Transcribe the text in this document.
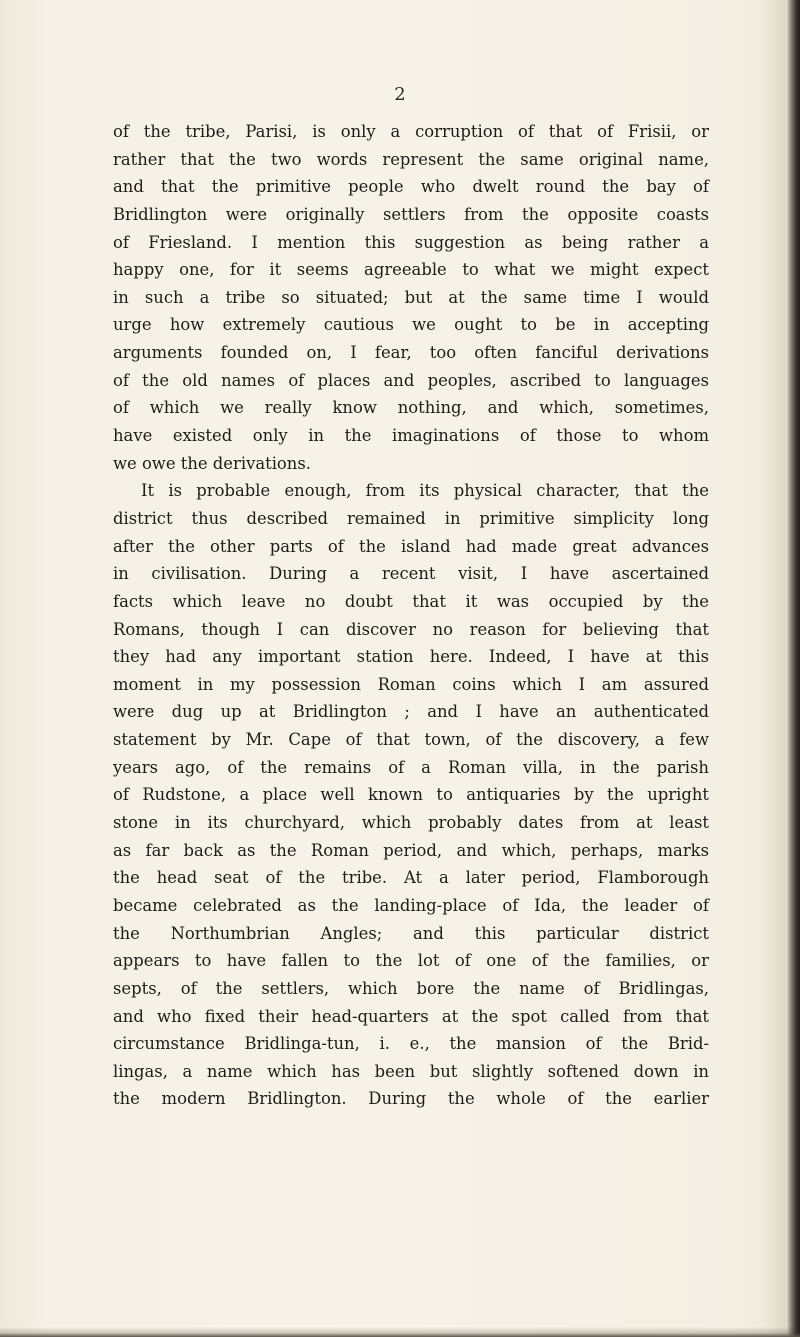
2
of the tribe, Parisi, is only a corruption of that of Frisii, or
rather that the two words represent the same original name,
and that the primitive people who dwelt round the bay of
Bridlington were originally settlers from the opposite coasts
of Friesland. I mention this suggestion as being rather a
happy one, for it seems agreeable to what we might expect
in such a tribe so situated; but at the same time I would
urge how extremely cautious we ought to be in accepting
arguments founded on, I fear, too often fanciful derivations
of the old names of places and peoples, ascribed to languages
of which we really know nothing, and which, sometimes,
have existed only in the imaginations of those to whom
we owe the derivations.
It is probable enough, from its physical character, that the
district thus described remained in primitive simplicity long
after the other parts of the island had made great advances
in civilisation. During a recent visit, I have ascertained
facts which leave no doubt that it was occupied by the
Romans, though I can discover no reason for believing that
they had any important station here. Indeed, I have at this
moment in my possession Roman coins which I am assured
were dug up at Bridlington ; and I have an authenticated
statement by Mr. Cape of that town, of the discovery, a few
years ago, of the remains of a Roman villa, in the parish
of Rudstone, a place well known to antiquaries by the upright
stone in its churchyard, which probably dates from at least
as far back as the Roman period, and which, perhaps, marks
the head seat of the tribe. At a later period, Flamborough
became celebrated as the landing-place of Ida, the leader of
the Northumbrian Angles; and this particular district
appears to have fallen to the lot of one of the families, or
septs, of the settlers, which bore the name of Bridlingas,
and who fixed their head-quarters at the spot called from that
circumstance Bridlinga-tun, i. e., the mansion of the Brid-
lingas, a name which has been but slightly softened down in
the modern Bridlington. During the whole of the earlier
